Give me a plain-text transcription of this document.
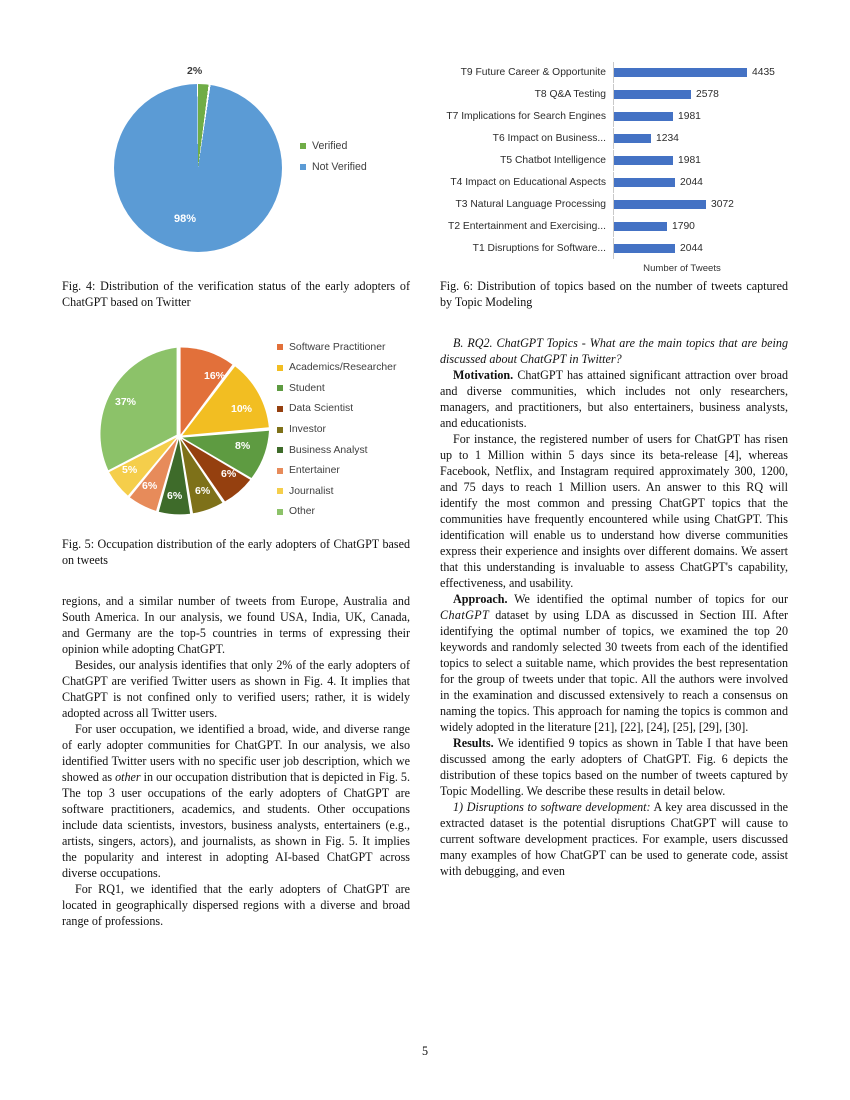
2%
98%
Verified
Not Verified
Fig. 4: Distribution of the verification status of the early adopters of ChatGPT based on Twitter
16%
10%
8%
6%
6%
6%
6%
5%
37%
Software Practitioner
Academics/Researcher
Student
Data Scientist
Investor
Business Analyst
Entertainer
Journalist
Other
Fig. 5: Occupation distribution of the early adopters of ChatGPT based on tweets

regions, and a similar number of tweets from Europe, Australia and South America. In our analysis, we found USA, India, UK, Canada, and Germany are the top-5 countries in terms of expressing their opinion while adopting ChatGPT.

Besides, our analysis identifies that only 2% of the early adopters of ChatGPT are verified Twitter users as shown in Fig. 4. It implies that ChatGPT is not confined only to verified users; rather, it is widely adopted across all Twitter users.

For user occupation, we identified a broad, wide, and diverse range of early adopter communities for ChatGPT. In our analysis, we also identified Twitter users with no specific user job description, which we showed as other in our occupation distribution that is depicted in Fig. 5. The top 3 user occupations of the early adopters of ChatGPT are software practitioners, academics, and students. Other occupations include data scientists, investors, business analysts, entertainers (e.g., artists, singers, actors), and journalists, as shown in Fig. 5. It implies the popularity and interest in adopting AI-based ChatGPT across diverse occupations.

For RQ1, we identified that the early adopters of ChatGPT are located in geographically dispersed regions with a diverse and broad range of professions.

T9 Future Career & Opportunite	4435
T8 Q&A Testing	2578
T7 Implications for Search Engines	1981
T6 Impact on Business...	1234
T5 Chatbot Intelligence	1981
T4 Impact on Educational Aspects	2044
T3 Natural Language Processing	3072
T2 Entertainment and Exercising...	1790
T1 Disruptions for Software...	2044
Number of Tweets
Fig. 6: Distribution of topics based on the number of tweets captured by Topic Modeling

B. RQ2. ChatGPT Topics - What are the main topics that are being discussed about ChatGPT in Twitter?

Motivation. ChatGPT has attained significant attraction over broad and diverse communities, which includes not only researchers, managers, and practitioners, but also entertainers, business analysts, and educationists.

For instance, the registered number of users for ChatGPT has risen up to 1 Million within 5 days since its beta-release [4], whereas Facebook, Netflix, and Instagram required approximately 300, 1200, and 75 days to reach 1 Million users. An answer to this RQ will identify the most common and pressing ChatGPT topics that the communities have frequently encountered while using ChatGPT. This identification will enable us to understand how diverse communities express their experience and insights over different domains. We assert that this understanding is invaluable to assess ChatGPT's capability, effectiveness, and usability.

Approach. We identified the optimal number of topics for our ChatGPT dataset by using LDA as discussed in Section III. After identifying the optimal number of topics, we examined the top 20 keywords and randomly selected 30 tweets from each of the identified topics to select a suitable name, which provides the best representation for the group of tweets under that topic. All the authors were involved in the examination and discussed extensively to reach a consensus on naming the topics. This approach for naming the topics is common and widely adopted in the literature [21], [22], [24], [25], [29], [30].

Results. We identified 9 topics as shown in Table I that have been discussed among the early adopters of ChatGPT. Fig. 6 depicts the distribution of these topics based on the number of tweets captured by Topic Modelling. We describe these results in detail below.

1) Disruptions to software development: A key area discussed in the extracted dataset is the potential disruptions ChatGPT will cause to current software development practices. For example, users discussed many examples of how ChatGPT can be used to generate code, assist with debugging, and even

5
